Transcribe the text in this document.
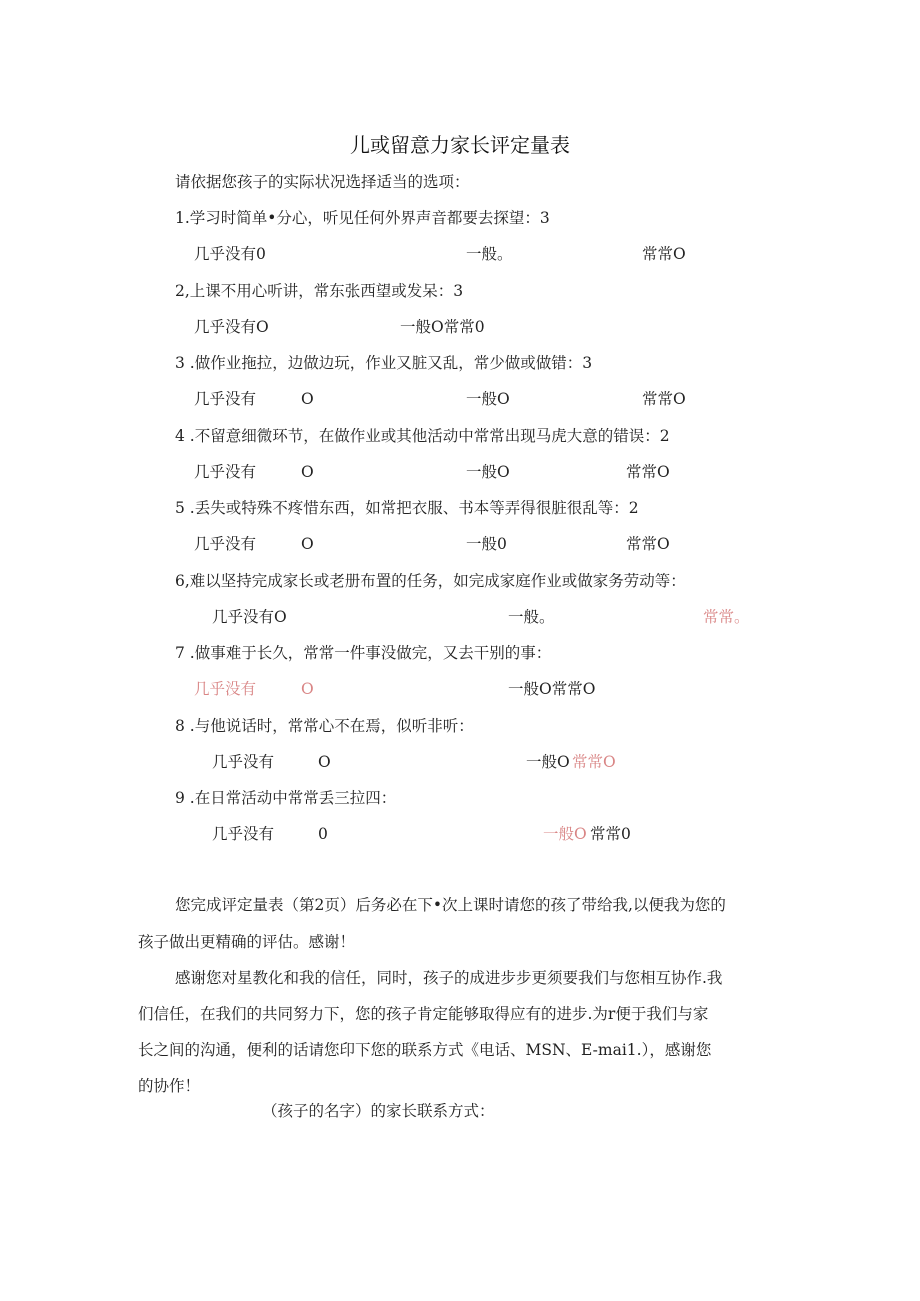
儿或留意力家长评定量表
请依据您孩子的实际状况选择适当的选项：
1.学习时简单•分心，听见任何外界声音都要去探望：3
几乎没有0	一般。	常常O
2,上课不用心听讲，常东张西望或发呆：3
几乎没有O	一般O常常0
3 .做作业拖拉，边做边玩，作业又脏又乱，常少做或做错：3
几乎没有	O	一般O	常常O
4 .不留意细微环节，在做作业或其他活动中常常出现马虎大意的错误：2
几乎没有	O	一般O	常常O
5 .丢失或特殊不疼惜东西，如常把衣服、书本等弄得很脏很乱等：2
几乎没有	O	一般0	常常O
6,难以坚持完成家长或老册布置的任务，如完成家庭作业或做家务劳动等：
几乎没有O	一般。	常常。
7 .做事难于长久，常常一件事没做完，又去干别的事：
几乎没有	O	一般O常常O
8 .与他说话时，常常心不在焉，似听非听：
几乎没有	O	一般O 常常O
9 .在日常活动中常常丢三拉四：
几乎没有	0	一般O 常常0
您完成评定量表（第2页）后务必在下•次上课时请您的孩了带给我,以便我为您的
孩子做出更精确的评估。感谢！
感谢您对星教化和我的信任，同时，孩子的成进步步更须要我们与您相互协作.我
们信任，在我们的共同努力下，您的孩子肯定能够取得应有的进步.为r便于我们与家
长之间的沟通，便利的话请您印下您的联系方式《电话、MSN、E-mai1.），感谢您
的协作！
（孩子的名字）的家长联系方式：
